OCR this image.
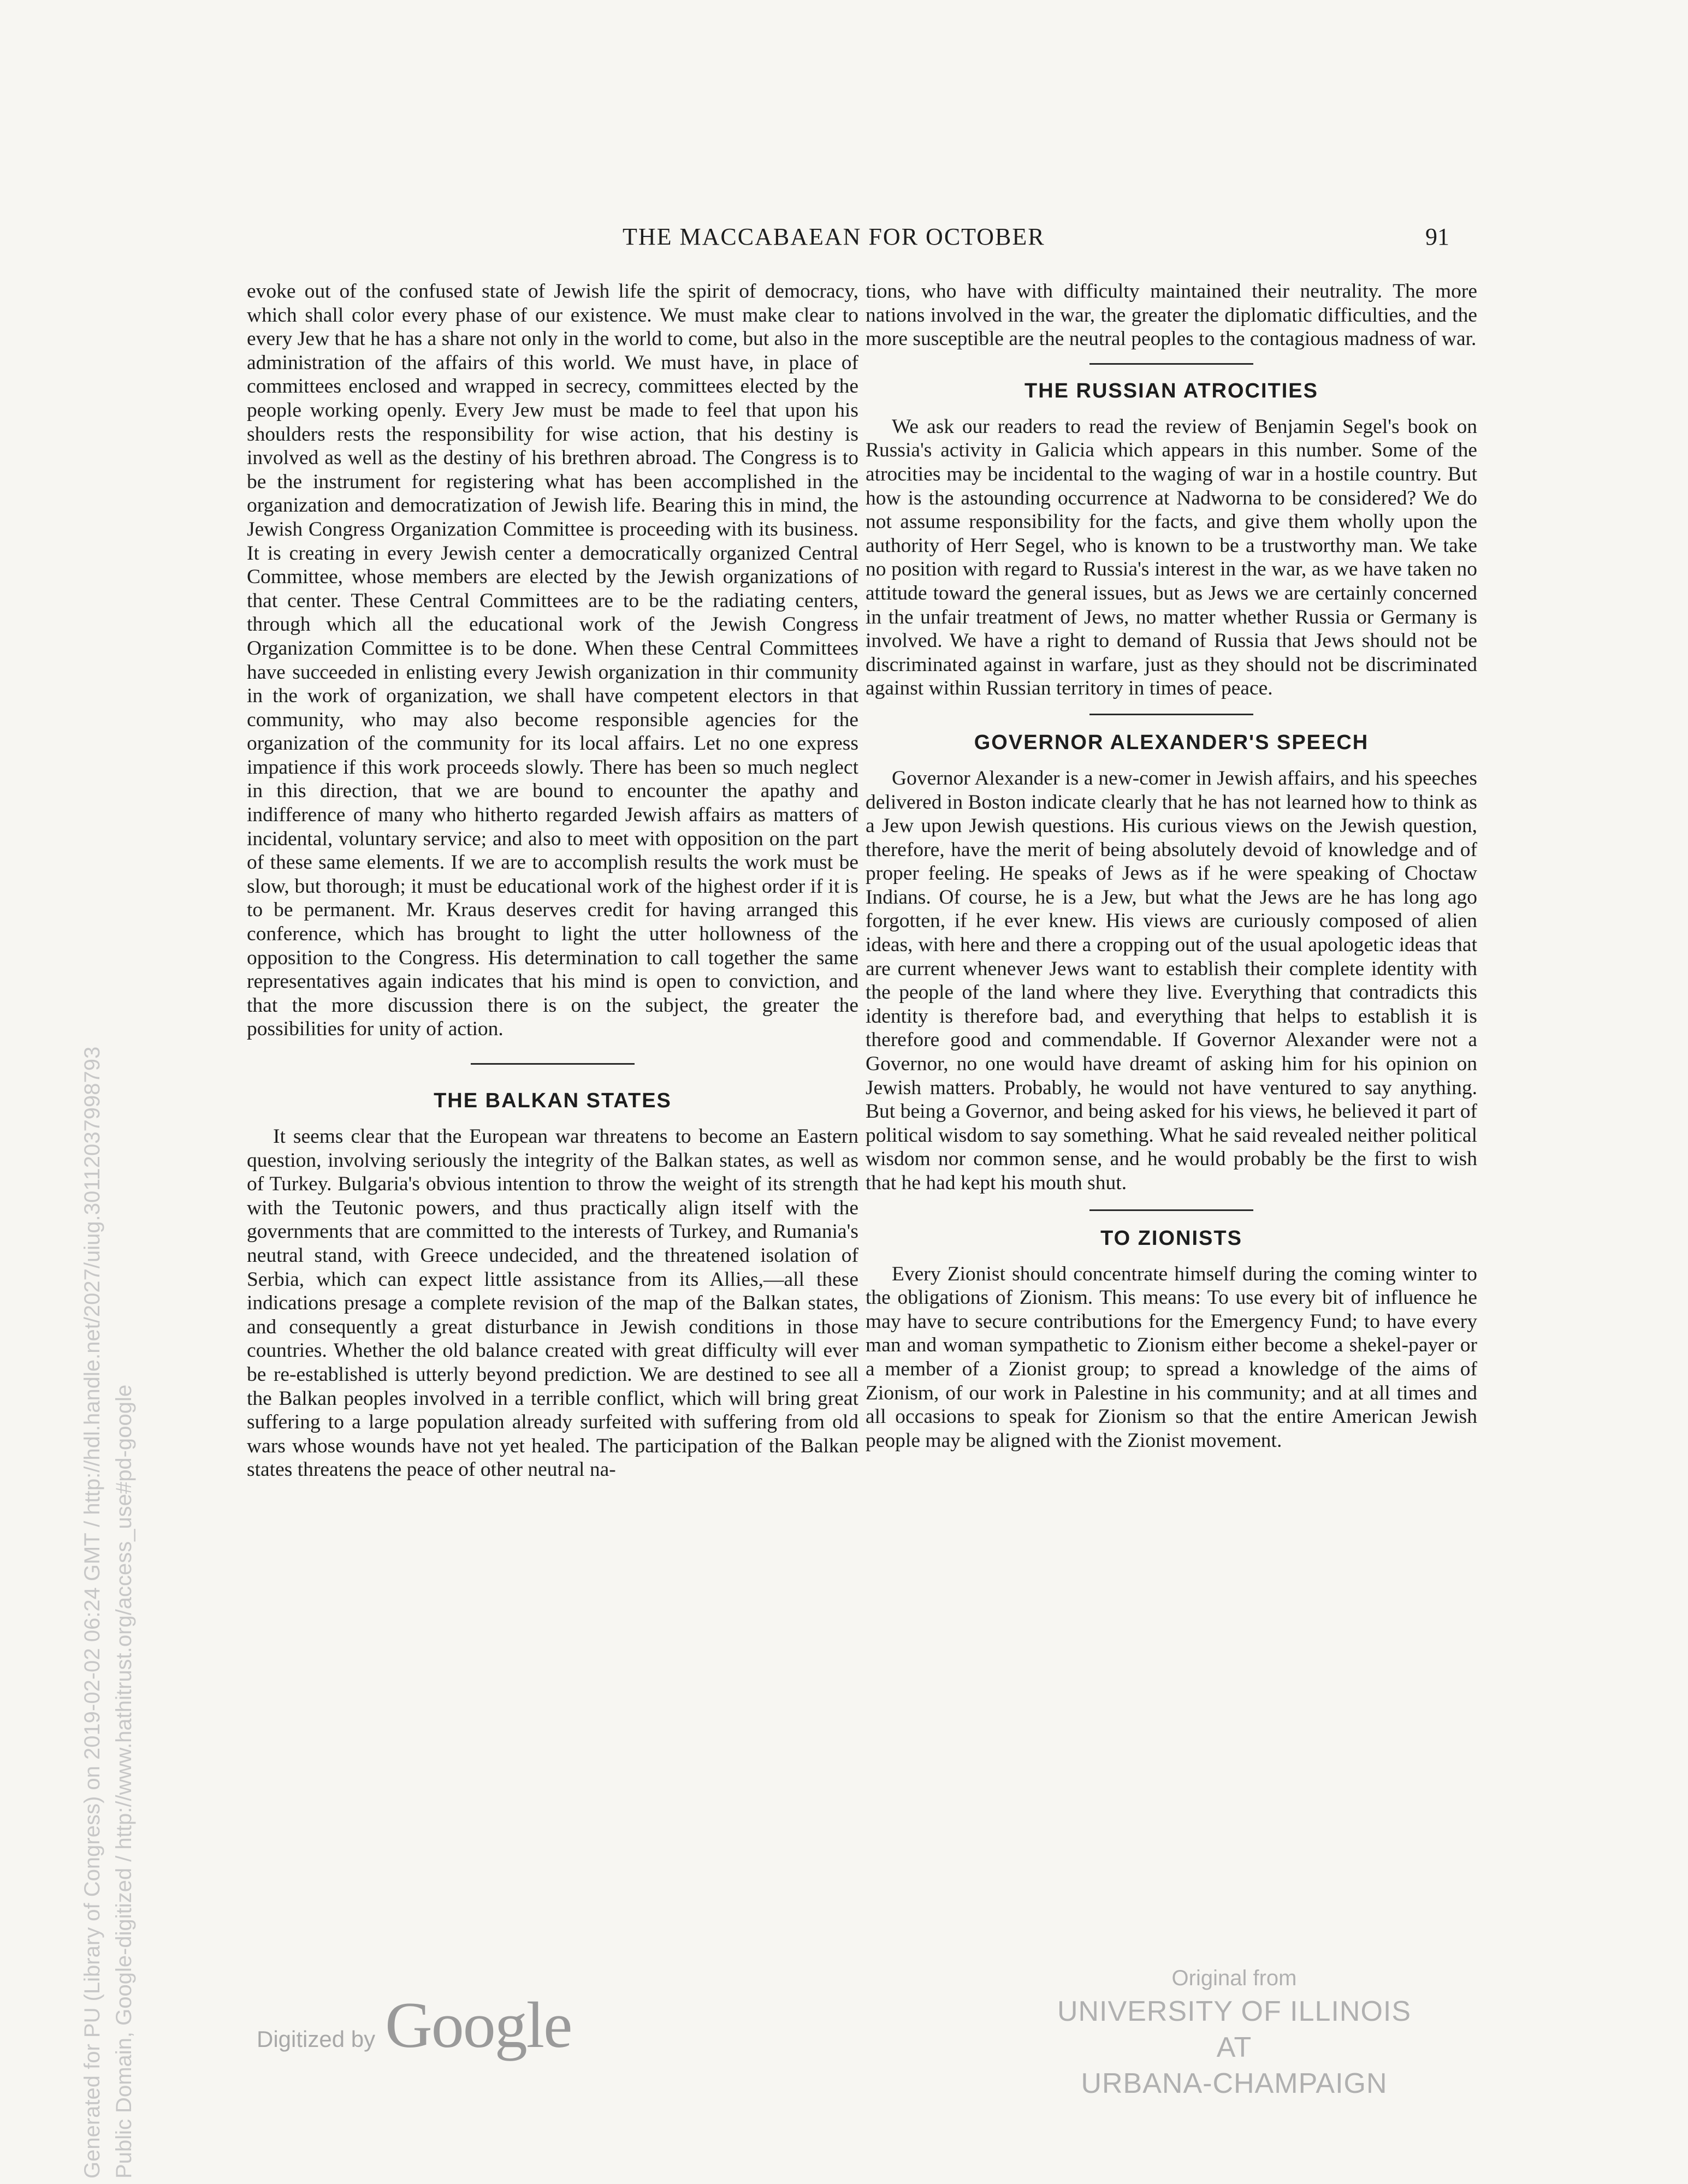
THE MACCABAEAN FOR OCTOBER	91

evoke out of the confused state of Jewish life the spirit of democracy, which shall color every phase of our existence. We must make clear to every Jew that he has a share not only in the world to come, but also in the administration of the affairs of this world. We must have, in place of committees enclosed and wrapped in secrecy, committees elected by the people working openly. Every Jew must be made to feel that upon his shoulders rests the responsibility for wise action, that his destiny is involved as well as the destiny of his brethren abroad. The Congress is to be the instrument for registering what has been accomplished in the organization and democratization of Jewish life. Bearing this in mind, the Jewish Congress Organization Committee is proceeding with its business. It is creating in every Jewish center a democratically organized Central Committee, whose members are elected by the Jewish organizations of that center. These Central Committees are to be the radiating centers, through which all the educational work of the Jewish Congress Organization Committee is to be done. When these Central Committees have succeeded in enlisting every Jewish organization in thir community in the work of organization, we shall have competent electors in that community, who may also become responsible agencies for the organization of the community for its local affairs. Let no one express impatience if this work proceeds slowly. There has been so much neglect in this direction, that we are bound to encounter the apathy and indifference of many who hitherto regarded Jewish affairs as matters of incidental, voluntary service; and also to meet with opposition on the part of these same elements. If we are to accomplish results the work must be slow, but thorough; it must be educational work of the highest order if it is to be permanent. Mr. Kraus deserves credit for having arranged this conference, which has brought to light the utter hollowness of the opposition to the Congress. His determination to call together the same representatives again indicates that his mind is open to conviction, and that the more discussion there is on the subject, the greater the possibilities for unity of action.

THE BALKAN STATES

It seems clear that the European war threatens to become an Eastern question, involving seriously the integrity of the Balkan states, as well as of Turkey. Bulgaria's obvious intention to throw the weight of its strength with the Teutonic powers, and thus practically align itself with the governments that are committed to the interests of Turkey, and Rumania's neutral stand, with Greece undecided, and the threatened isolation of Serbia, which can expect little assistance from its Allies,—all these indications presage a complete revision of the map of the Balkan states, and consequently a great disturbance in Jewish conditions in those countries. Whether the old balance created with great difficulty will ever be re-established is utterly beyond prediction. We are destined to see all the Balkan peoples involved in a terrible conflict, which will bring great suffering to a large population already surfeited with suffering from old wars whose wounds have not yet healed. The participation of the Balkan states threatens the peace of other neutral na-

tions, who have with difficulty maintained their neutrality. The more nations involved in the war, the greater the diplomatic difficulties, and the more susceptible are the neutral peoples to the contagious madness of war.

THE RUSSIAN ATROCITIES

We ask our readers to read the review of Benjamin Segel's book on Russia's activity in Galicia which appears in this number. Some of the atrocities may be incidental to the waging of war in a hostile country. But how is the astounding occurrence at Nadworna to be considered? We do not assume responsibility for the facts, and give them wholly upon the authority of Herr Segel, who is known to be a trustworthy man. We take no position with regard to Russia's interest in the war, as we have taken no attitude toward the general issues, but as Jews we are certainly concerned in the unfair treatment of Jews, no matter whether Russia or Germany is involved. We have a right to demand of Russia that Jews should not be discriminated against in warfare, just as they should not be discriminated against within Russian territory in times of peace.

GOVERNOR ALEXANDER'S SPEECH

Governor Alexander is a new-comer in Jewish affairs, and his speeches delivered in Boston indicate clearly that he has not learned how to think as a Jew upon Jewish questions. His curious views on the Jewish question, therefore, have the merit of being absolutely devoid of knowledge and of proper feeling. He speaks of Jews as if he were speaking of Choctaw Indians. Of course, he is a Jew, but what the Jews are he has long ago forgotten, if he ever knew. His views are curiously composed of alien ideas, with here and there a cropping out of the usual apologetic ideas that are current whenever Jews want to establish their complete identity with the people of the land where they live. Everything that contradicts this identity is therefore bad, and everything that helps to establish it is therefore good and commendable. If Governor Alexander were not a Governor, no one would have dreamt of asking him for his opinion on Jewish matters. Probably, he would not have ventured to say anything. But being a Governor, and being asked for his views, he believed it part of political wisdom to say something. What he said revealed neither political wisdom nor common sense, and he would probably be the first to wish that he had kept his mouth shut.

TO ZIONISTS

Every Zionist should concentrate himself during the coming winter to the obligations of Zionism. This means: To use every bit of influence he may have to secure contributions for the Emergency Fund; to have every man and woman sympathetic to Zionism either become a shekel-payer or a member of a Zionist group; to spread a knowledge of the aims of Zionism, of our work in Palestine in his community; and at all times and all occasions to speak for Zionism so that the entire American Jewish people may be aligned with the Zionist movement.

Generated for PU (Library of Congress) on 2019-02-02 06:24 GMT / http://hdl.handle.net/2027/uiug.30112037998793 Public Domain, Google-digitized / http://www.hathitrust.org/access_use#pd-google	Digitized by Google
Original from
UNIVERSITY OF ILLINOIS AT
URBANA-CHAMPAIGN
